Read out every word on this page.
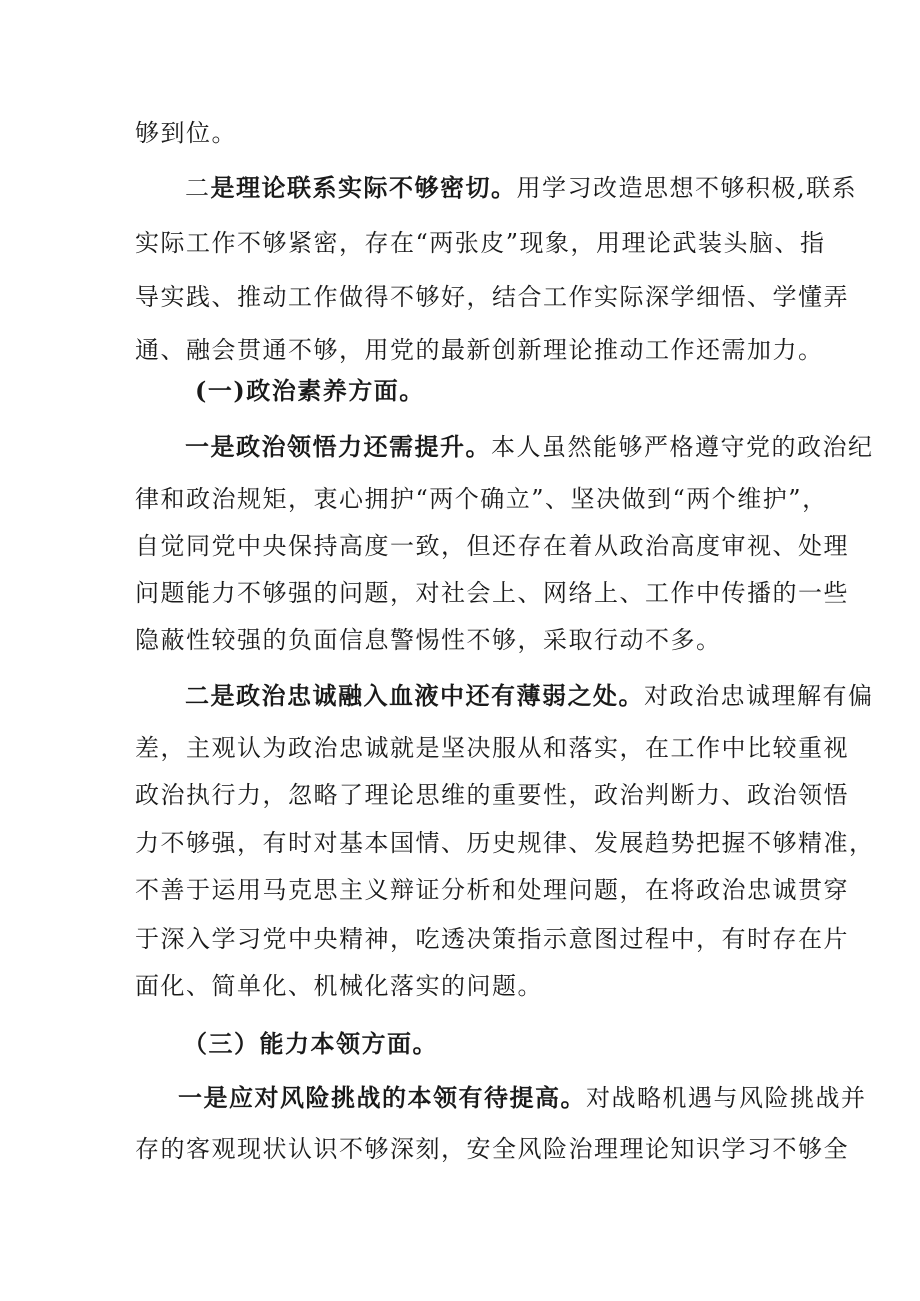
够到位。
二是理论联系实际不够密切。用学习改造思想不够积极,联系
实际工作不够紧密，存在“两张皮”现象，用理论武装头脑、指
导实践、推动工作做得不够好，结合工作实际深学细悟、学懂弄
通、融会贯通不够，用党的最新创新理论推动工作还需加力。
(一)政治素养方面。
一是政治领悟力还需提升。本人虽然能够严格遵守党的政治纪
律和政治规矩，衷心拥护“两个确立”、坚决做到“两个维护”，
自觉同党中央保持高度一致，但还存在着从政治高度审视、处理
问题能力不够强的问题，对社会上、网络上、工作中传播的一些
隐蔽性较强的负面信息警惕性不够，采取行动不多。
二是政治忠诚融入血液中还有薄弱之处。对政治忠诚理解有偏
差，主观认为政治忠诚就是坚决服从和落实，在工作中比较重视
政治执行力，忽略了理论思维的重要性，政治判断力、政治领悟
力不够强，有时对基本国情、历史规律、发展趋势把握不够精准，
不善于运用马克思主义辩证分析和处理问题，在将政治忠诚贯穿
于深入学习党中央精神，吃透决策指示意图过程中，有时存在片
面化、简单化、机械化落实的问题。
（三）能力本领方面。
一是应对风险挑战的本领有待提高。对战略机遇与风险挑战并
存的客观现状认识不够深刻，安全风险治理理论知识学习不够全
